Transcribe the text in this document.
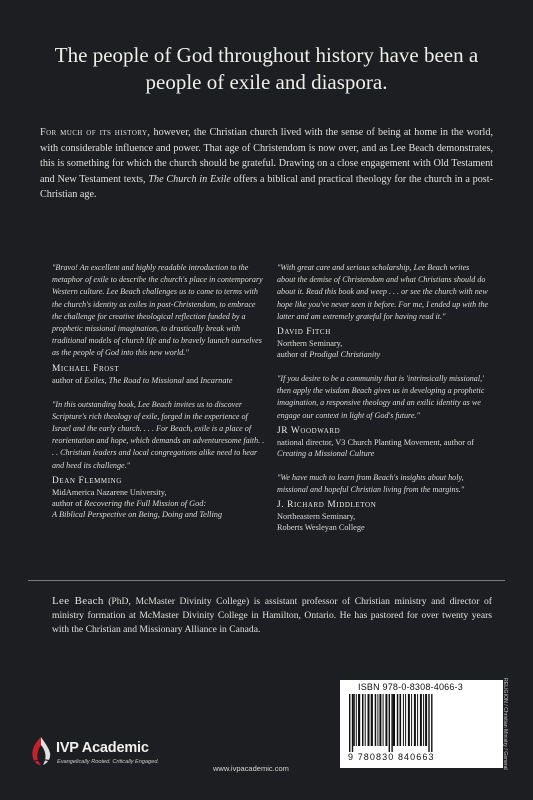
The people of God throughout history have been a people of exile and diaspora.
For much of its history, however, the Christian church lived with the sense of being at home in the world, with considerable influence and power. That age of Christendom is now over, and as Lee Beach demonstrates, this is something for which the church should be grateful. Drawing on a close engagement with Old Testament and New Testament texts, The Church in Exile offers a biblical and practical theology for the church in a post-Christian age.

"Bravo! An excellent and highly readable introduction to the metaphor of exile to describe the church's place in contemporary Western culture. Lee Beach challenges us to come to terms with the church's identity as exiles in post-Christendom, to embrace the challenge for creative theological reflection funded by a prophetic missional imagination, to drastically break with traditional models of church life and to bravely launch ourselves as the people of God into this new world."

Michael Frost
author of Exiles, The Road to Missional and Incarnate

"In this outstanding book, Lee Beach invites us to discover Scripture's rich theology of exile, forged in the experience of Israel and the early church. . . . For Beach, exile is a place of reorientation and hope, which demands an adventuresome faith. . . . Christian leaders and local congregations alike need to hear and heed its challenge."

Dean Flemming
MidAmerica Nazarene University,
author of Recovering the Full Mission of God:
A Biblical Perspective on Being, Doing and Telling

"With great care and serious scholarship, Lee Beach writes about the demise of Christendom and what Christians should do about it. Read this book and weep . . . or see the church with new hope like you've never seen it before. For me, I ended up with the latter and am extremely grateful for having read it."

David Fitch
Northern Seminary,
author of Prodigal Christianity

"If you desire to be a community that is 'intrinsically missional,' then apply the wisdom Beach gives us in developing a prophetic imagination, a responsive theology and an exilic identity as we engage our context in light of God's future."

JR Woodward
national director, V3 Church Planting Movement, author of Creating a Missional Culture

"We have much to learn from Beach's insights about holy, missional and hopeful Christian living from the margins."

J. Richard Middleton
Northeastern Seminary,
Roberts Wesleyan College
Lee Beach (PhD, McMaster Divinity College) is assistant professor of Christian ministry and director of ministry formation at McMaster Divinity College in Hamilton, Ontario. He has pastored for over twenty years with the Christian and Missionary Alliance in Canada.
ISBN 978-0-8308-4066-3
9 780830 840663	RELIGION / Christian Ministry / General
IVP Academic
Evangelically Rooted. Critically Engaged.
www.ivpacademic.com
